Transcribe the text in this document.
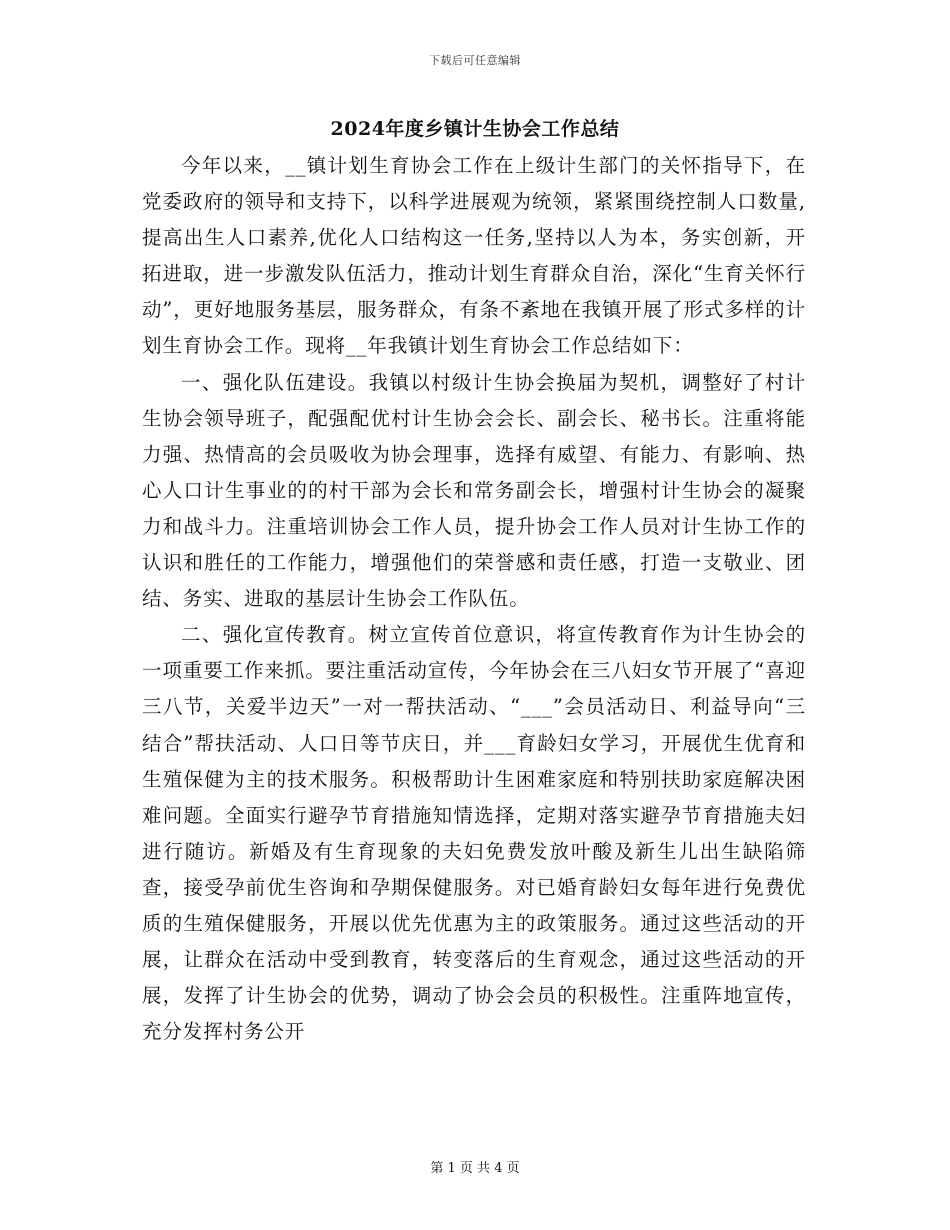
下载后可任意编辑
2024年度乡镇计生协会工作总结

今年以来，__镇计划生育协会工作在上级计生部门的关怀指导下，在党委政府的领导和支持下，以科学进展观为统领，紧紧围绕控制人口数量,提高出生人口素养,优化人口结构这一任务,坚持以人为本，务实创新，开拓进取，进一步激发队伍活力，推动计划生育群众自治，深化“生育关怀行动”，更好地服务基层，服务群众，有条不紊地在我镇开展了形式多样的计划生育协会工作。现将__年我镇计划生育协会工作总结如下：

一、强化队伍建设。我镇以村级计生协会换届为契机，调整好了村计生协会领导班子，配强配优村计生协会会长、副会长、秘书长。注重将能力强、热情高的会员吸收为协会理事，选择有威望、有能力、有影响、热心人口计生事业的的村干部为会长和常务副会长，增强村计生协会的凝聚力和战斗力。注重培训协会工作人员，提升协会工作人员对计生协工作的认识和胜任的工作能力，增强他们的荣誉感和责任感，打造一支敬业、团结、务实、进取的基层计生协会工作队伍。

二、强化宣传教育。树立宣传首位意识，将宣传教育作为计生协会的一项重要工作来抓。要注重活动宣传，今年协会在三八妇女节开展了“喜迎三八节，关爱半边天”一对一帮扶活动、“___”会员活动日、利益导向“三结合”帮扶活动、人口日等节庆日，并___育龄妇女学习，开展优生优育和生殖保健为主的技术服务。积极帮助计生困难家庭和特别扶助家庭解决困难问题。全面实行避孕节育措施知情选择，定期对落实避孕节育措施夫妇进行随访。新婚及有生育现象的夫妇免费发放叶酸及新生儿出生缺陷筛查，接受孕前优生咨询和孕期保健服务。对已婚育龄妇女每年进行免费优质的生殖保健服务，开展以优先优惠为主的政策服务。通过这些活动的开展，让群众在活动中受到教育，转变落后的生育观念，通过这些活动的开展，发挥了计生协会的优势，调动了协会会员的积极性。注重阵地宣传，充分发挥村务公开

第 1 页 共 4 页
